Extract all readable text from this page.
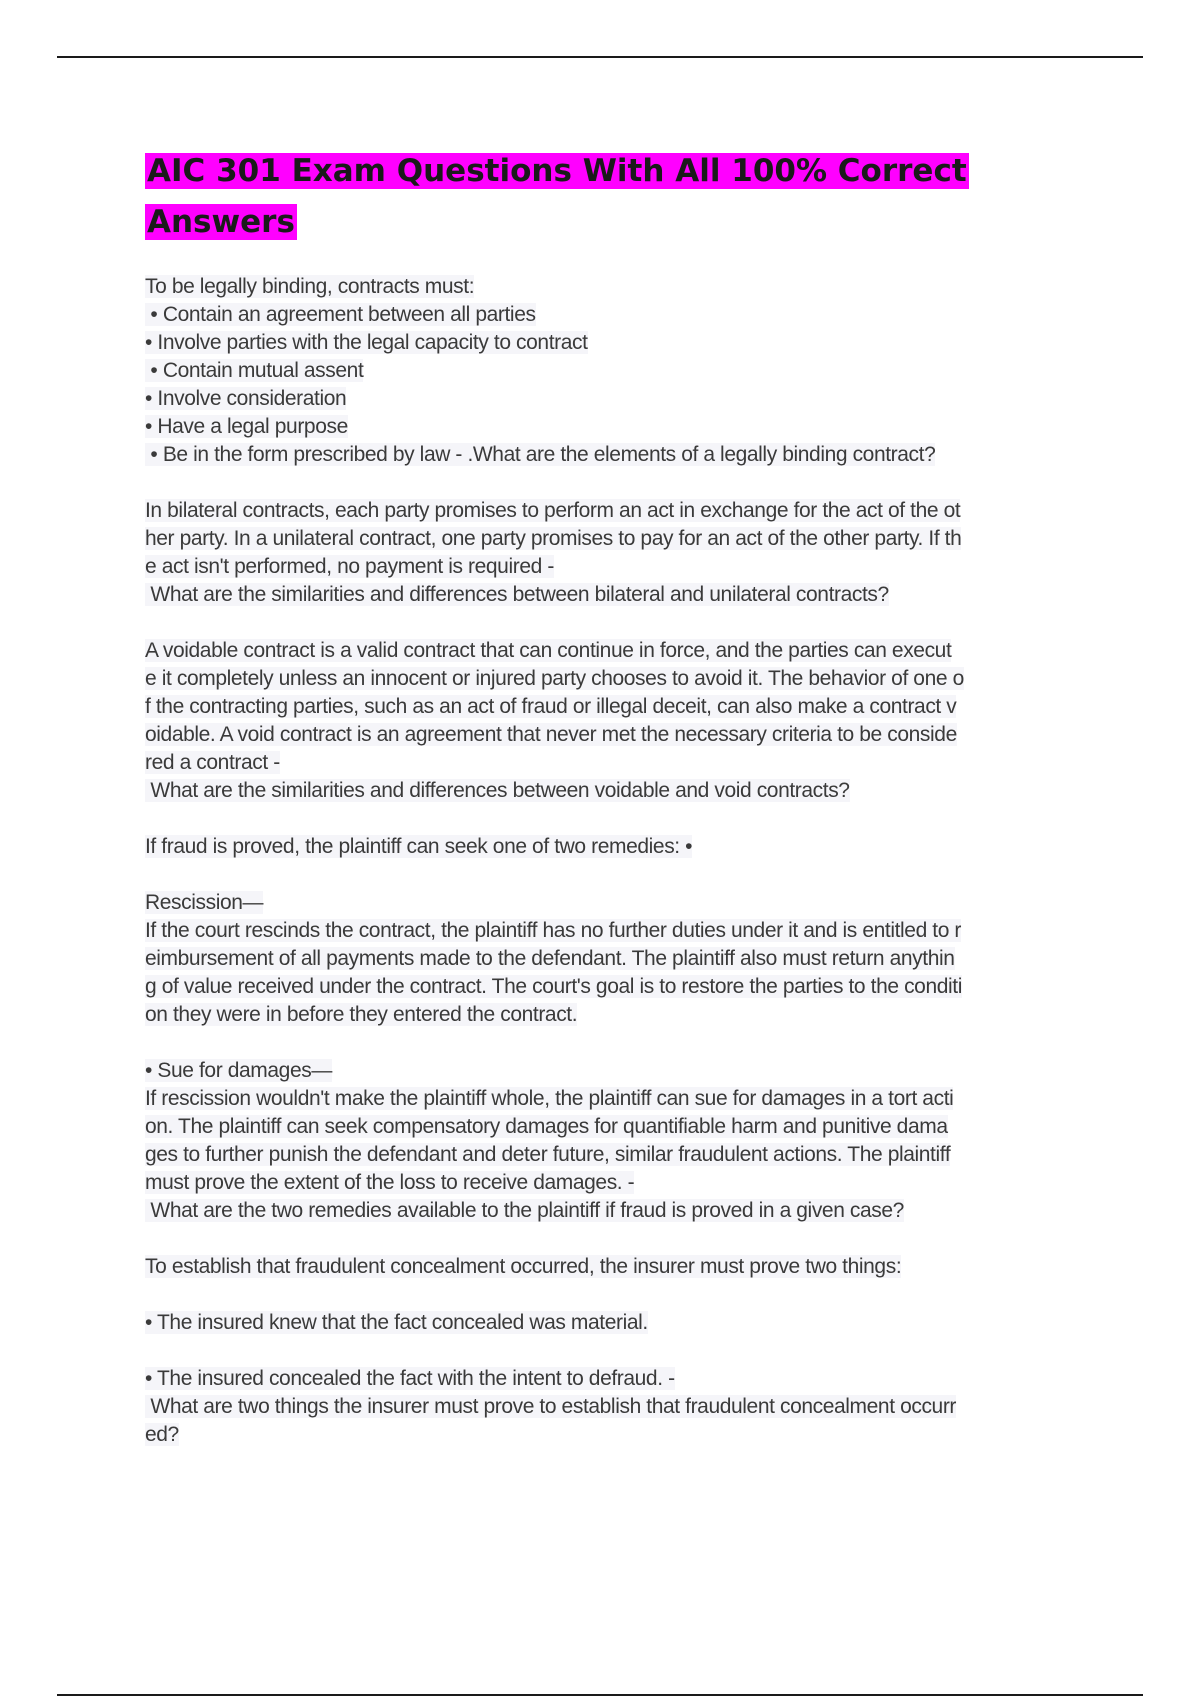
AIC 301 Exam Questions With All 100% Correct
Answers
To be legally binding, contracts must:
• Contain an agreement between all parties
• Involve parties with the legal capacity to contract
• Contain mutual assent
• Involve consideration
• Have a legal purpose
• Be in the form prescribed by law - .What are the elements of a legally binding contract?
In bilateral contracts, each party promises to perform an act in exchange for the act of the ot
her party. In a unilateral contract, one party promises to pay for an act of the other party. If th
e act isn't performed, no payment is required -
What are the similarities and differences between bilateral and unilateral contracts?
A voidable contract is a valid contract that can continue in force, and the parties can execut
e it completely unless an innocent or injured party chooses to avoid it. The behavior of one o
f the contracting parties, such as an act of fraud or illegal deceit, can also make a contract v
oidable. A void contract is an agreement that never met the necessary criteria to be conside
red a contract -
What are the similarities and differences between voidable and void contracts?
If fraud is proved, the plaintiff can seek one of two remedies: •
Rescission—
If the court rescinds the contract, the plaintiff has no further duties under it and is entitled to r
eimbursement of all payments made to the defendant. The plaintiff also must return anythin
g of value received under the contract. The court's goal is to restore the parties to the conditi
on they were in before they entered the contract.
• Sue for damages—
If rescission wouldn't make the plaintiff whole, the plaintiff can sue for damages in a tort acti
on. The plaintiff can seek compensatory damages for quantifiable harm and punitive dama
ges to further punish the defendant and deter future, similar fraudulent actions. The plaintiff
must prove the extent of the loss to receive damages. -
What are the two remedies available to the plaintiff if fraud is proved in a given case?
To establish that fraudulent concealment occurred, the insurer must prove two things:
• The insured knew that the fact concealed was material.
• The insured concealed the fact with the intent to defraud. -
What are two things the insurer must prove to establish that fraudulent concealment occurr
ed?
